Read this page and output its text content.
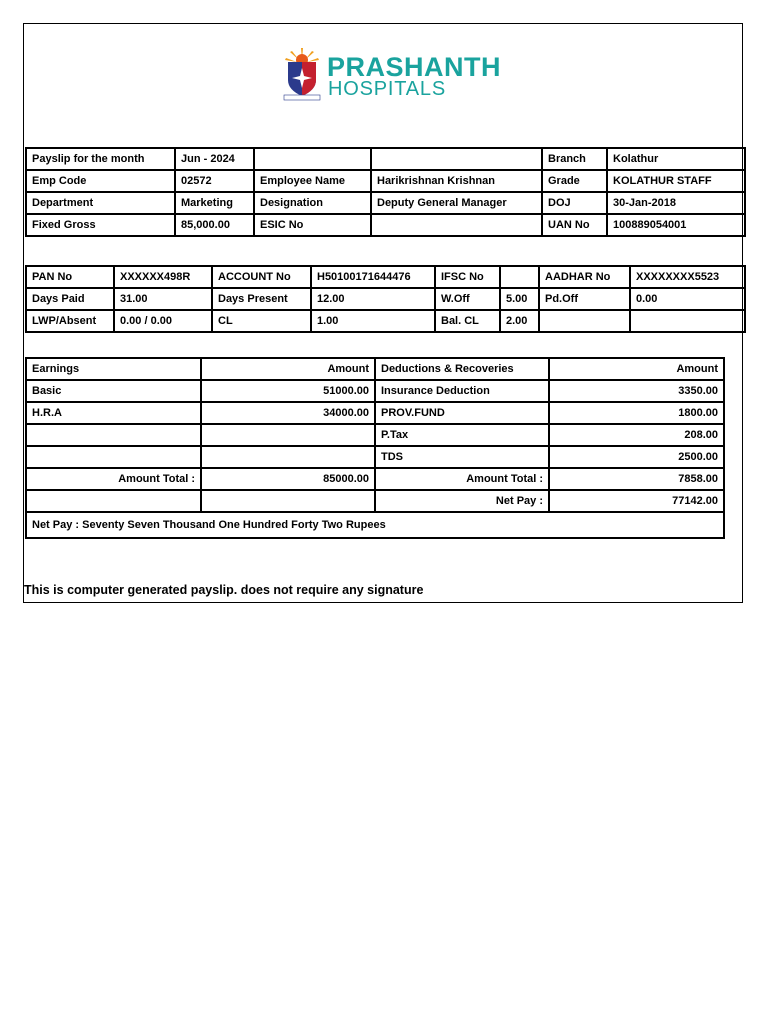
PRASHANTH
HOSPITALS
Payslip for the month	Jun - 2024			Branch	Kolathur
Emp Code	02572	Employee Name	Harikrishnan Krishnan	Grade	KOLATHUR STAFF
Department	Marketing	Designation	Deputy General Manager	DOJ	30-Jan-2018
Fixed Gross	85,000.00	ESIC No		UAN No	100889054001
PAN No	XXXXXX498R	ACCOUNT No	H50100171644476	IFSC No		AADHAR No	XXXXXXXX5523
Days Paid	31.00	Days Present	12.00	W.Off	5.00	Pd.Off	0.00
LWP/Absent	0.00 / 0.00	CL	1.00	Bal. CL	2.00		
Earnings	Amount	Deductions & Recoveries	Amount
Basic	51000.00	Insurance Deduction	3350.00
H.R.A	34000.00	PROV.FUND	1800.00
		P.Tax	208.00
		TDS	2500.00
Amount Total :	85000.00	Amount Total :	7858.00
		Net Pay :	77142.00
Net Pay : Seventy Seven Thousand One Hundred Forty Two Rupees			
This is computer generated payslip. does not require any signature
